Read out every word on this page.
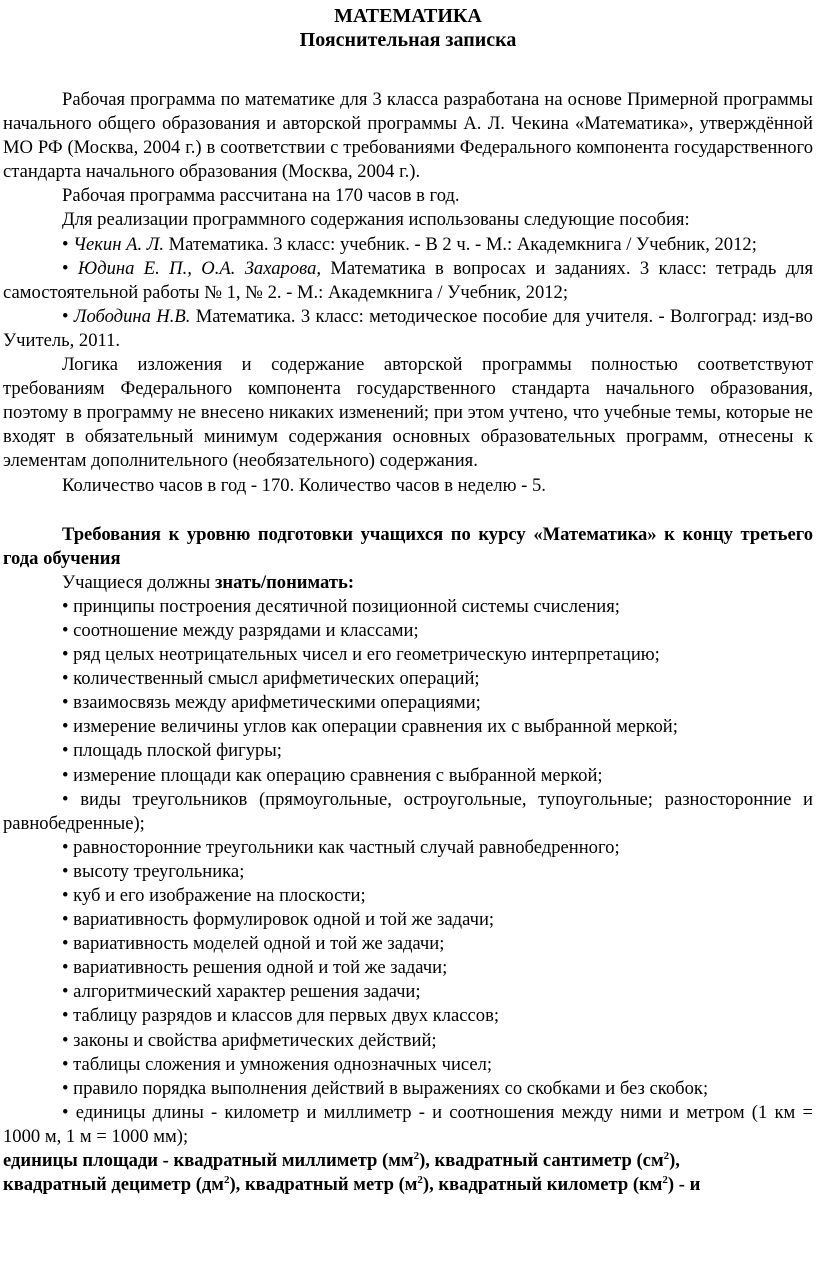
МАТЕМАТИКА
Пояснительная записка

Рабочая программа по математике для 3 класса разработана на основе Примерной программы начального общего образования и авторской программы А. Л. Чекина «Математика», утверждённой МО РФ (Москва, 2004 г.) в соответствии с требованиями Федерального компонента государственного стандарта начального образования (Москва, 2004 г.).

Рабочая программа рассчитана на 170 часов в год.

Для реализации программного содержания использованы следующие пособия:

• Чекин А. Л. Математика. 3 класс: учебник. - В 2 ч. - М.: Академкнига / Учебник, 2012;

• Юдина Е. П., О.А. Захарова, Математика в вопросах и заданиях. 3 класс: тетрадь для самостоятельной работы № 1, № 2. - М.: Академкнига / Учебник, 2012;

• Лободина Н.В. Математика. 3 класс: методическое пособие для учителя. - Волгоград: изд-во Учитель, 2011.

Логика изложения и содержание авторской программы полностью соответствуют требованиям Федерального компонента государственного стандарта начального образования, поэтому в программу не внесено никаких изменений; при этом учтено, что учебные темы, которые не входят в обязательный минимум содержания основных образовательных программ, отнесены к элементам дополнительного (необязательного) содержания.

Количество часов в год - 170. Количество часов в неделю - 5.

Требования к уровню подготовки учащихся по курсу «Математика» к концу третьего года обучения

Учащиеся должны знать/понимать:

• принципы построения десятичной позиционной системы счисления;

• соотношение между разрядами и классами;

• ряд целых неотрицательных чисел и его геометрическую интерпретацию;

• количественный смысл арифметических операций;

• взаимосвязь между арифметическими операциями;

• измерение величины углов как операции сравнения их с выбранной меркой;

• площадь плоской фигуры;

• измерение площади как операцию сравнения с выбранной меркой;

• виды треугольников (прямоугольные, остроугольные, тупоугольные; разносторонние и равнобедренные);

• равносторонние треугольники как частный случай равнобедренного;

• высоту треугольника;

• куб и его изображение на плоскости;

• вариативность формулировок одной и той же задачи;

• вариативность моделей одной и той же задачи;

• вариативность решения одной и той же задачи;

• алгоритмический характер решения задачи;

• таблицу разрядов и классов для первых двух классов;

• законы и свойства арифметических действий;

• таблицы сложения и умножения однозначных чисел;

• правило порядка выполнения действий в выражениях со скобками и без скобок;

• единицы длины - километр и миллиметр - и соотношения между ними и метром (1 км = 1000 м, 1 м = 1000 мм);

единицы площади - квадратный миллиметр $(мм^2)$, квадратный сантиметр $(см^2)$,

квадратный дециметр $(дм^2)$, квадратный метр $(м^2)$, квадратный километр $(км^2)$ - и
